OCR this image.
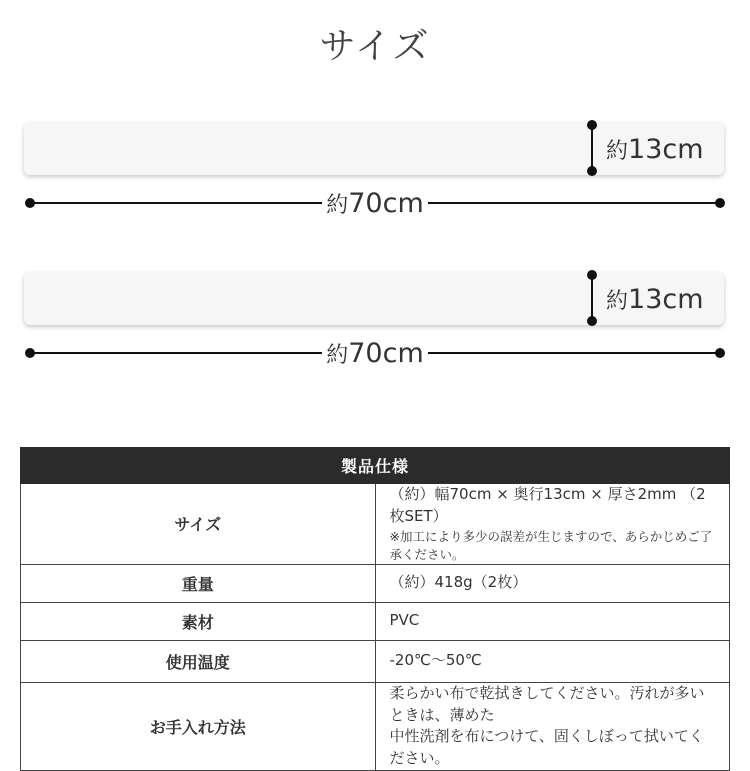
サイズ
約13cm
約70cm
約13cm
約70cm
製品仕様	
サイズ	（約）幅70cm × 奥行13cm × 厚さ2mm （2枚SET）
※加工により多少の誤差が生じますので、あらかじめご了承ください。

重量	（約）418g（2枚）
素材	PVC
使用温度	-20℃～50℃
お手入れ方法	柔らかい布で乾拭きしてください。汚れが多いときは、薄めた
中性洗剤を布につけて、固くしぼって拭いてください。
